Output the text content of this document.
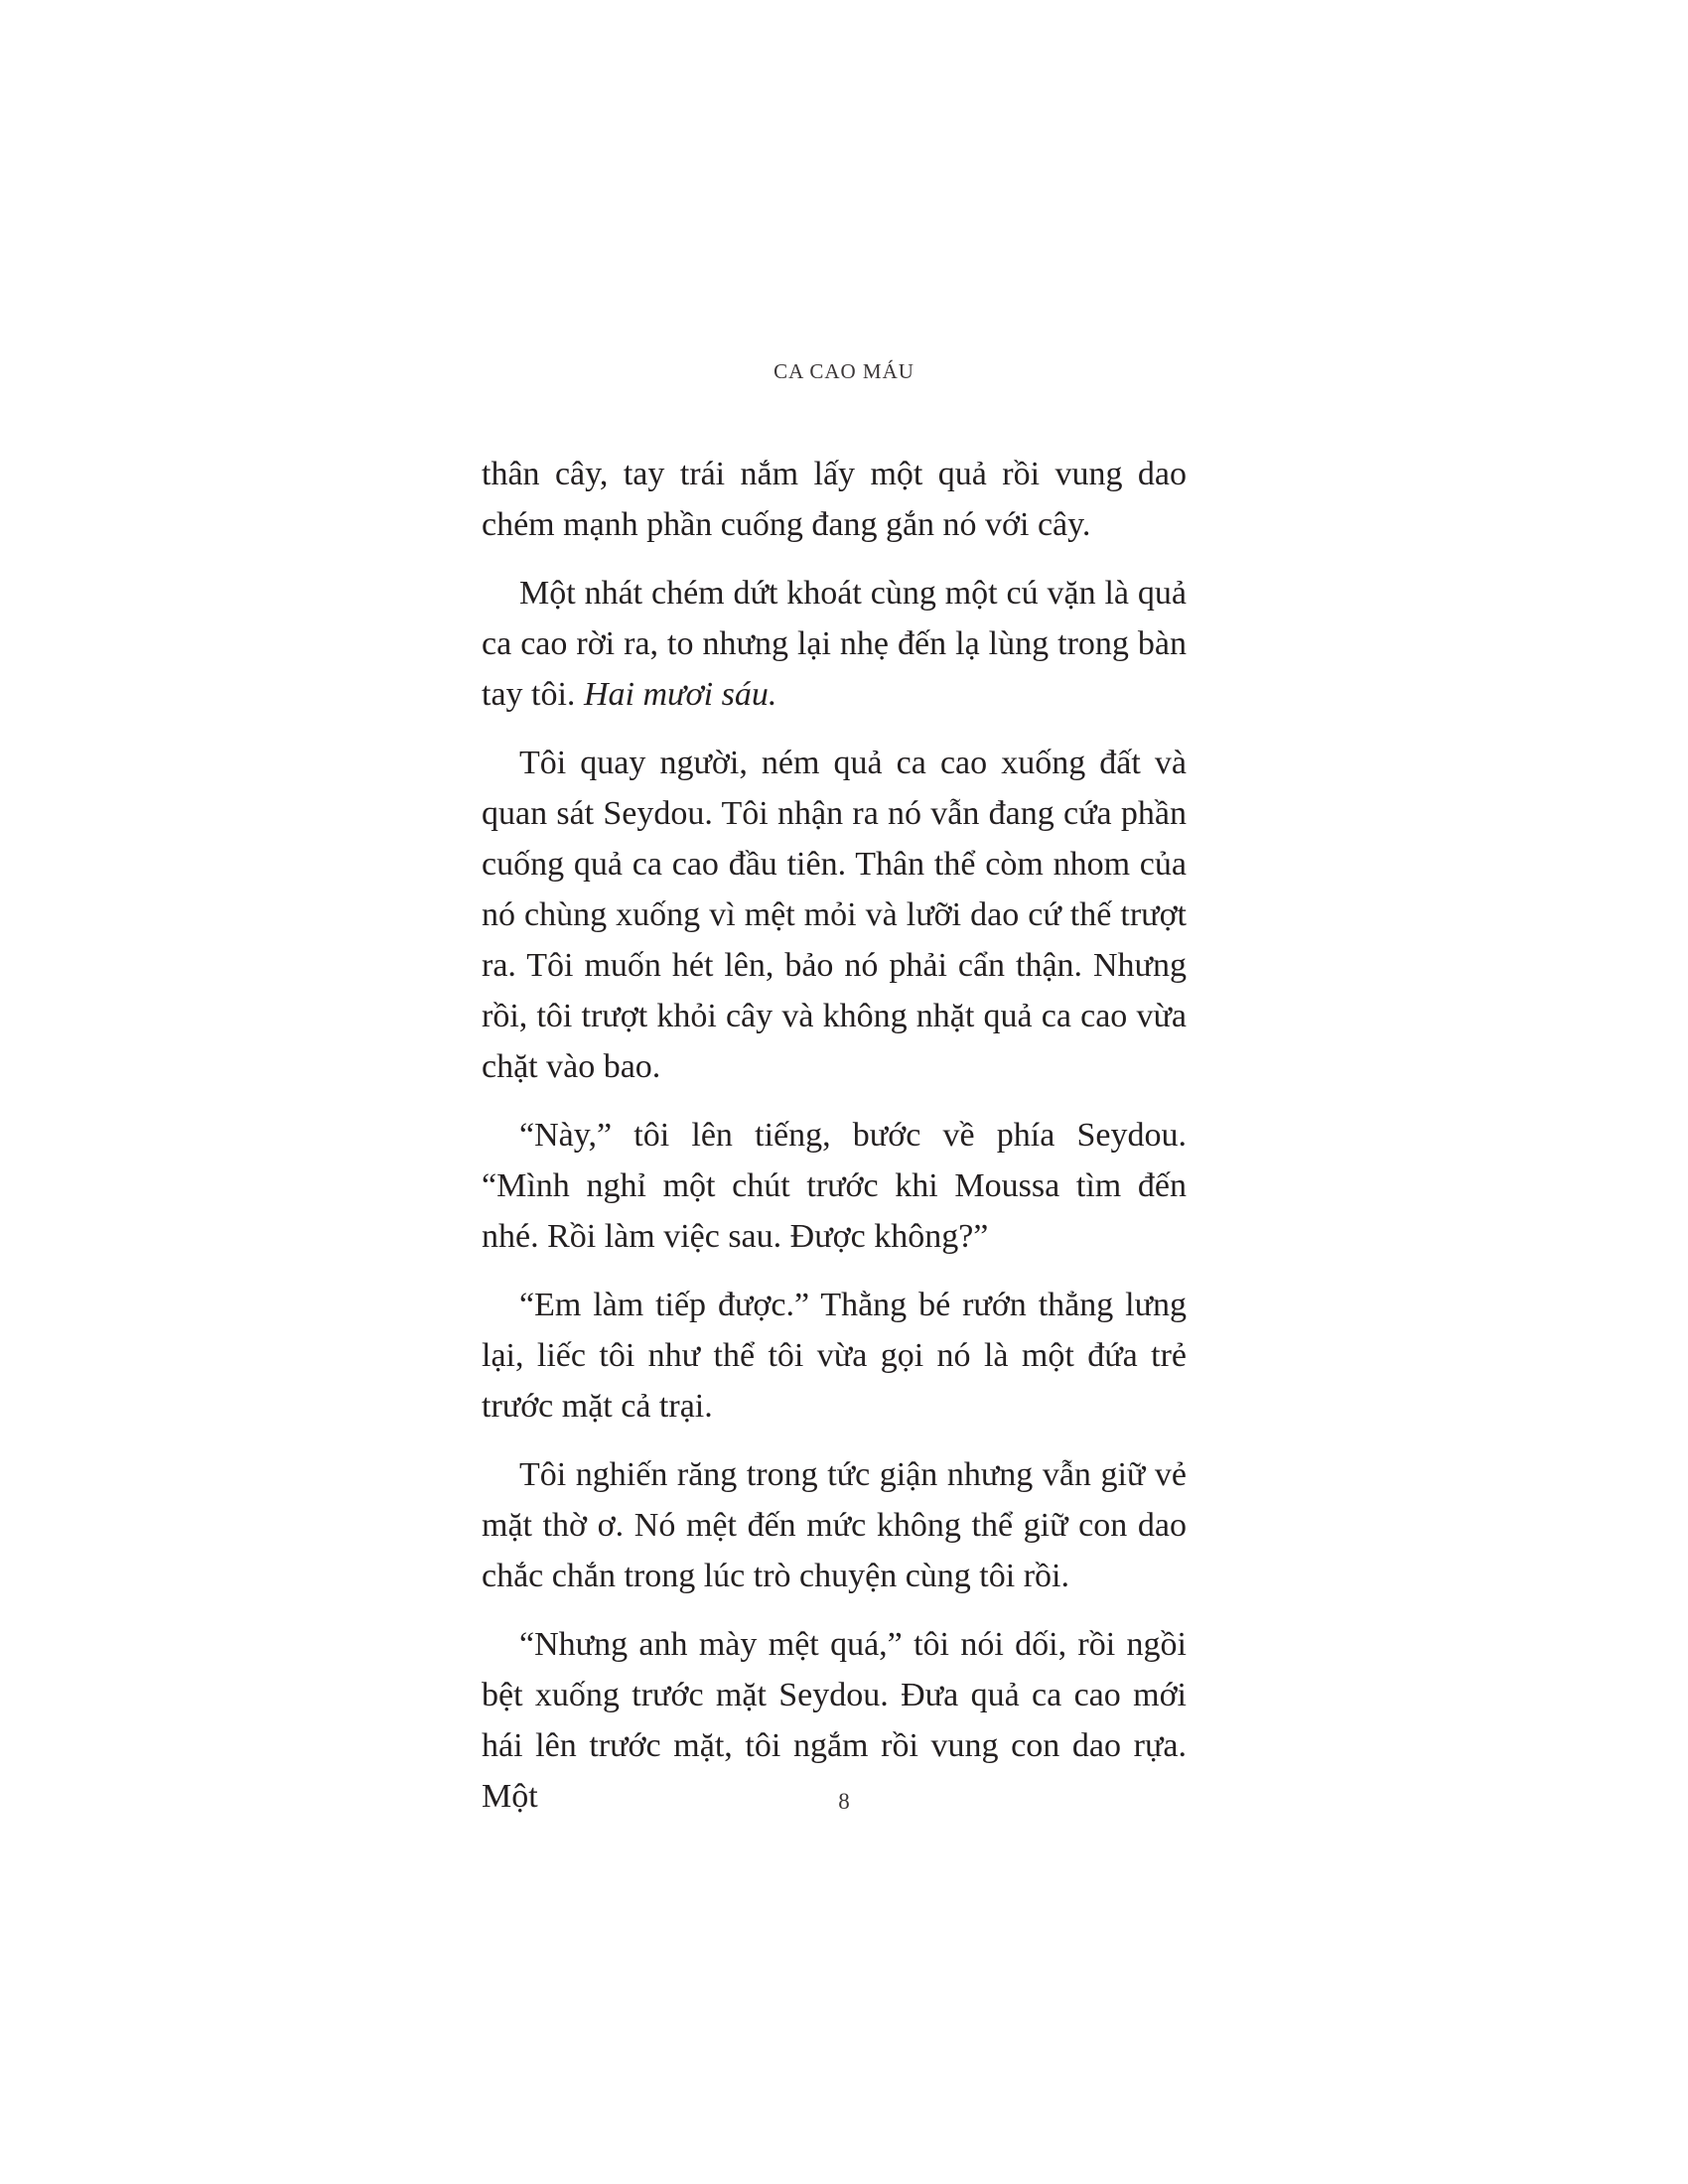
CA CAO MÁU

thân cây, tay trái nắm lấy một quả rồi vung dao chém mạnh phần cuống đang gắn nó với cây.

Một nhát chém dứt khoát cùng một cú vặn là quả ca cao rời ra, to nhưng lại nhẹ đến lạ lùng trong bàn tay tôi. Hai mươi sáu.

Tôi quay người, ném quả ca cao xuống đất và quan sát Seydou. Tôi nhận ra nó vẫn đang cứa phần cuống quả ca cao đầu tiên. Thân thể còm nhom của nó chùng xuống vì mệt mỏi và lưỡi dao cứ thế trượt ra. Tôi muốn hét lên, bảo nó phải cẩn thận. Nhưng rồi, tôi trượt khỏi cây và không nhặt quả ca cao vừa chặt vào bao.

“Này,” tôi lên tiếng, bước về phía Seydou. “Mình nghỉ một chút trước khi Moussa tìm đến nhé. Rồi làm việc sau. Được không?”

“Em làm tiếp được.” Thằng bé rướn thẳng lưng lại, liếc tôi như thể tôi vừa gọi nó là một đứa trẻ trước mặt cả trại.

Tôi nghiến răng trong tức giận nhưng vẫn giữ vẻ mặt thờ ơ. Nó mệt đến mức không thể giữ con dao chắc chắn trong lúc trò chuyện cùng tôi rồi.

“Nhưng anh mày mệt quá,” tôi nói dối, rồi ngồi bệt xuống trước mặt Seydou. Đưa quả ca cao mới hái lên trước mặt, tôi ngắm rồi vung con dao rựa. Một	8
